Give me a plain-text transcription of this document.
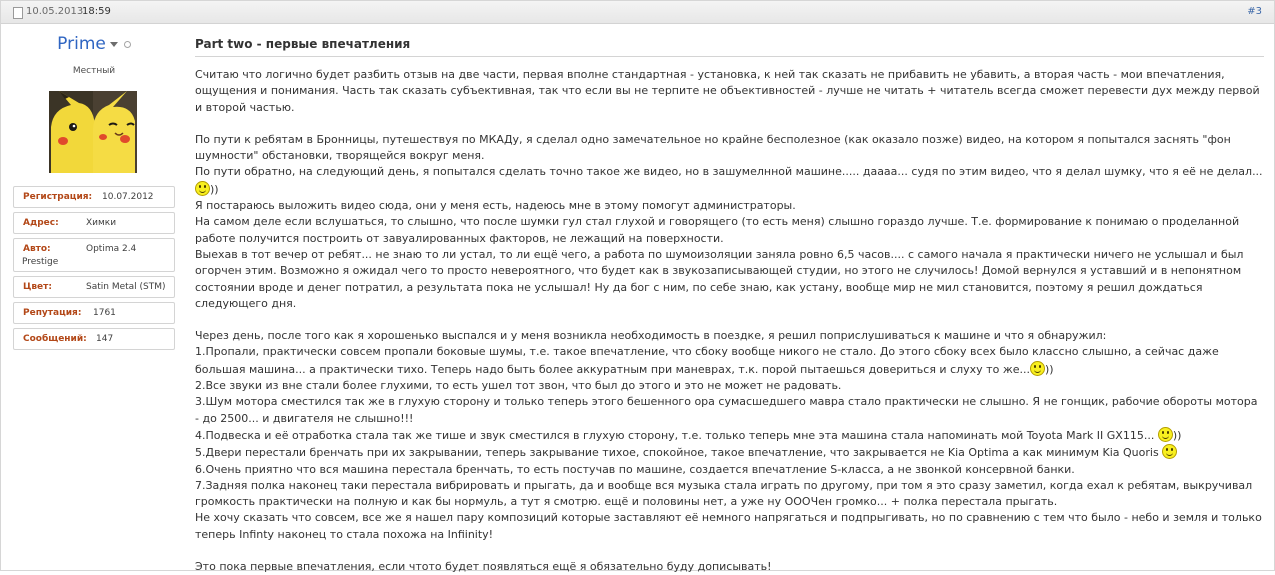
10.05.2013
18:59	#3
Prime
Местный
Регистрация: 10.07.2012
Адрес:	Химки
Авто:	Optima 2.4
Prestige
Цвет:	Satin Metal (STM)
Репутация: 1761
Сообщений: 147
Part two - первые впечатления

Считаю что логично будет разбить отзыв на две части, первая вполне стандартная - установка, к ней так сказать не прибавить не убавить, а вторая часть - мои впечатления, ощущения и понимания. Часть так сказать субъективная, так что если вы не терпите не объективностей - лучше не читать + читатель всегда сможет перевести дух между первой и второй частью.

По пути к ребятам в Бронницы, путешествуя по МКАДу, я сделал одно замечательное но крайне бесполезное (как оказало позже) видео, на котором я попытался заснять "фон шумности" обстановки, творящейся вокруг меня.

По пути обратно, на следующий день, я попытался сделать точно такое же видео, но в зашумелнной машине..... даааа... судя по этим видео, что я делал шумку, что я её не делал...
))

Я постараюсь выложить видео сюда, они у меня есть, надеюсь мне в этому помогут администраторы.

На самом деле если вслушаться, то слышно, что после шумки гул стал глухой и говорящего (то есть меня) слышно гораздо лучше. Т.е. формирование к понимаю о проделанной работе получится построить от завуалированных факторов, не лежащий на поверхности.

Выехав в тот вечер от ребят... не знаю то ли устал, то ли ещё чего, а работа по шумоизоляции заняла ровно 6,5 часов.... с самого начала я практически ничего не услышал и был огорчен этим. Возможно я ожидал чего то просто невероятного, что будет как в звукозаписывающей студии, но этого не случилось! Домой вернулся я уставший и в непонятном состоянии вроде и денег потратил, а результата пока не услышал! Ну да бог с ним, по себе знаю, как устану, вообще мир не мил становится, поэтому я решил дождаться следующего дня.

Через день, после того как я хорошенько выспался и у меня возникла необходимость в поездке, я решил поприслушиваться к машине и что я обнаружил:

1.Пропали, практически совсем пропали боковые шумы, т.е. такое впечатление, что сбоку вообще никого не стало. До этого сбоку всех было классно слышно, а сейчас даже большая машина... а практически тихо. Теперь надо быть более аккуратным при маневрах, т.к. порой пытаешься довериться и слуху то же... ))

2.Все звуки из вне стали более глухими, то есть ушел тот звон, что был до этого и это не может не радовать.

3.Шум мотора сместился так же в глухую сторону и только теперь этого бешенного ора сумасшедшего мавра стало практически не слышно. Я не гонщик, рабочие обороты мотора - до 2500... и двигателя не слышно!!!

4.Подвеска и её отработка стала так же тише и звук сместился в глухую сторону, т.е. только теперь мне эта машина стала напоминать мой Toyota Mark II GX115... ))

5.Двери перестали бренчать при их закрывании, теперь закрывание тихое, спокойное, такое впечатление, что закрывается не Kia Optima а как минимум Kia Quoris

6.Очень приятно что вся машина перестала бренчать, то есть постучав по машине, создается впечатление S-класса, а не звонкой консервной банки.

7.Задняя полка наконец таки перестала вибрировать и прыгать, да и вообще вся музыка стала играть по другому, при том я это сразу заметил, когда ехал к ребятам, выкручивал громкость практически на полную и как бы нормуль, а тут я смотрю. ещё и половины нет, а уже ну ОООЧен громко... + полка перестала прыгать.

Не хочу сказать что совсем, все же я нашел пару композиций которые заставляют её немного напрягаться и подпрыгивать, но по сравнению с тем что было - небо и земля и только теперь Infinty наконец то стала похожа на Infiinity!

Это пока первые впечатления, если чтото будет появляться ещё я обязательно буду дописывать!
